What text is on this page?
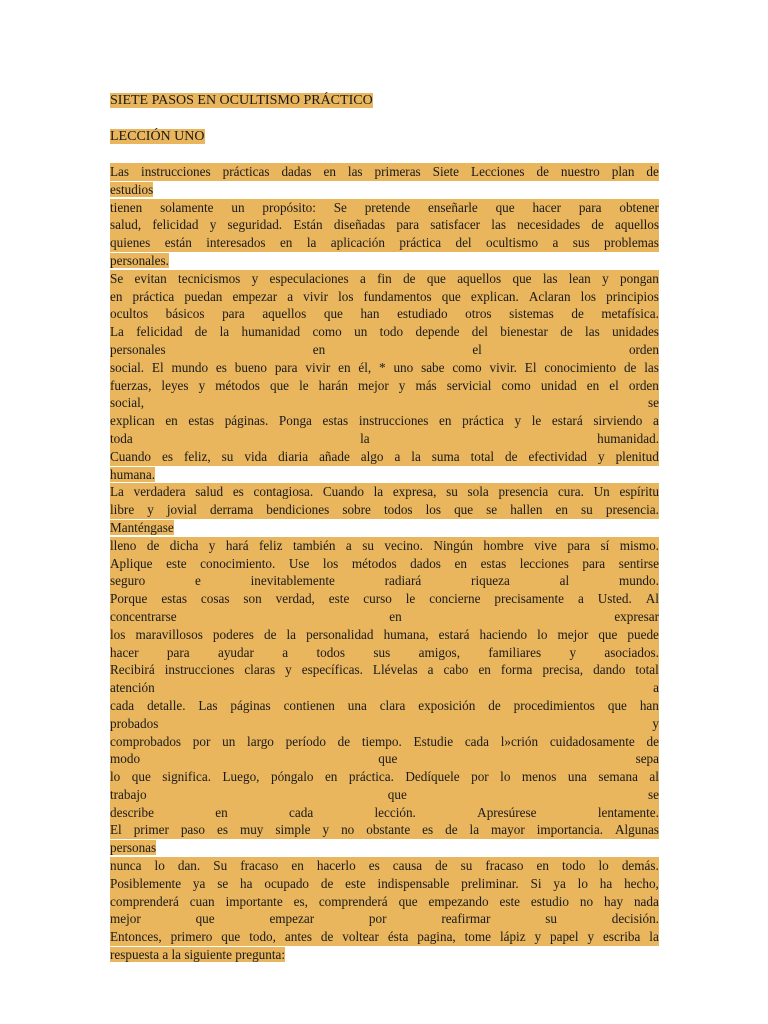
SIETE PASOS EN OCULTISMO PRÁCTICO
LECCIÓN UNO
Las instrucciones prácticas dadas en las primeras Siete Lecciones de nuestro plan de
estudios
tienen solamente un propósito: Se pretende enseñarle que hacer para obtener
salud, felicidad y seguridad. Están diseñadas para satisfacer las necesidades de aquellos
quienes están interesados en la aplicación práctica del ocultismo a sus problemas
personales.
Se evitan tecnicismos y especulaciones a fin de que aquellos que las lean y pongan
en práctica puedan empezar a vivir los fundamentos que explican. Aclaran los principios
ocultos básicos para aquellos que han estudiado otros sistemas de metafísica.
La felicidad de la humanidad como un todo depende del bienestar de las unidades
personales	en	el	orden
social. El mundo es bueno para vivir en él, * uno sabe como vivir. El conocimiento de las
fuerzas, leyes y métodos que le harán mejor y más servicial como unidad en el orden
social,	se
explican en estas páginas. Ponga estas instrucciones en práctica y le estará sirviendo a
toda	la	humanidad.
Cuando es feliz, su vida diaria añade algo a la suma total de efectividad y plenitud
humana.
La verdadera salud es contagiosa. Cuando la expresa, su sola presencia cura. Un espíritu
libre y jovial derrama bendiciones sobre todos los que se hallen en su presencia.
Manténgase
lleno de dicha y hará feliz también a su vecino. Ningún hombre vive para sí mismo.
Aplique este conocimiento. Use los métodos dados en estas lecciones para sentirse
seguro	e	inevitablemente	radiará	riqueza	al	mundo.
Porque estas cosas son verdad, este curso le concierne precisamente a Usted. Al
concentrarse	en	expresar
los maravillosos poderes de la personalidad humana, estará haciendo lo mejor que puede
hacer para ayudar a todos sus amigos, familiares y asociados.
Recibirá instrucciones claras y específicas. Llévelas a cabo en forma precisa, dando total
atención	a
cada detalle. Las páginas contienen una clara exposición de procedimientos que han
probados	y
comprobados por un largo período de tiempo. Estudie cada l»crión cuidadosamente de
modo	que	sepa
lo que significa. Luego, póngalo en práctica. Dedíquele por lo menos una semana al
trabajo	que	se
describe	en	cada	lección.	Apresúrese	lentamente.
El primer paso es muy simple y no obstante es de la mayor importancia. Algunas
personas
nunca lo dan. Su fracaso en hacerlo es causa de su fracaso en todo lo demás.
Posiblemente ya se ha ocupado de este indispensable preliminar. Si ya lo ha hecho,
comprenderá cuan importante es, comprenderá que empezando este estudio no hay nada
mejor	que	empezar	por	reafirmar	su	decisión.
Entonces, primero que todo, antes de voltear ésta pagina, tome lápiz y papel y escriba la
respuesta a la siguiente pregunta:
